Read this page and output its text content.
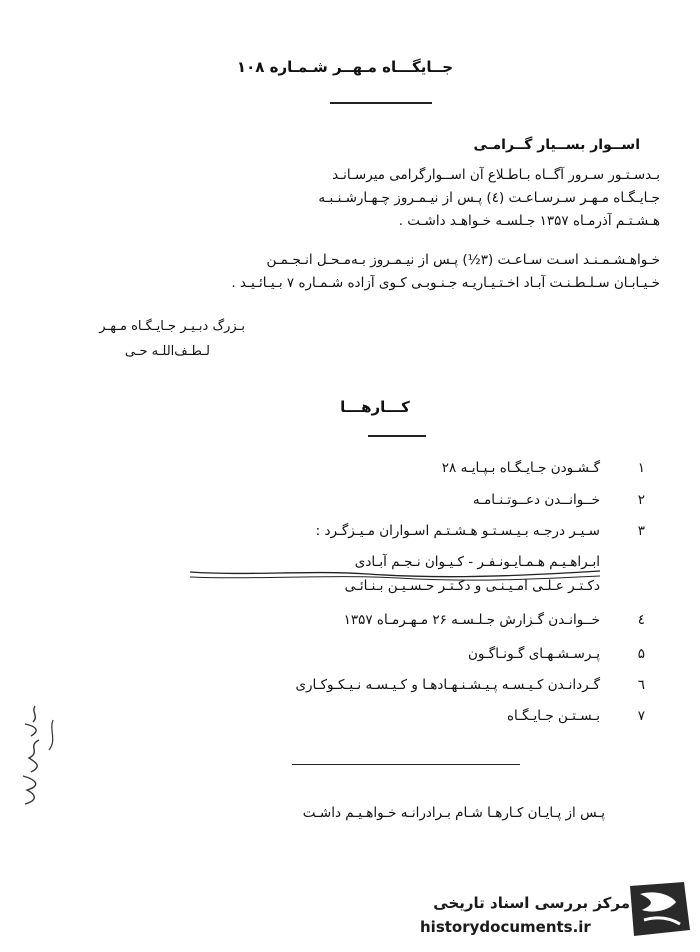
جــایگـــاه مـهــر شـمـاره ۱۰۸
اســوار بســیار گــرامـی
بـدسـتـور سـرور آگــاه بـاطـلاع آن اســوارگرامی میرسـانـد
جـایـگـاه مـهـر سـرسـاعـت (٤) پـس از نیـمـروز چـهـارشـنـبـه
هـشـتـم آذرمـاه ۱۳۵۷ جـلسـه خـواهـد داشـت .
خـواهـشـمـنـد اسـت سـاعـت (۳½) پـس از نیـمـروز بـه‌مـحـل انـجـمـن
خـیـابـان سـلـطـنـت آبـاد اخـتـیـاریـه جـنـوبـی کـوی آزاده شـمـاره ۷ بـیـائـیـد .
بـزرگ دبـیـر جـایـگـاه مـهـر
لـطـف‌اللـه حـی
کـــارهـــا
۱
گـشـودن جـایـگـاه بـپـایـه ۲۸
۲
خــوانــدن دعــوتـنـامـه
۳
سـیـر درجـه بـیـسـتـو هـشـتـم اسـواران مـیـزگـرد :
٤
خــوانـدن گـزارش جـلـسـه ۲۶ مـهـرمـاه ۱۳۵۷
۵
پـرسـشـهـای گـونـاگـون
٦
گـردانـدن کـیـسـه پـیـشـنـهـادهـا و کـیـسـه نـیـکـوکـاری
۷
بـسـتـن جـایـگـاه
ابـراهـیـم هـمـایـونـفـر - کـیـوان نـجـم آبـادی
دکـتـر عـلـی امـیـنـی و دکـتـر حـسـیـن بـنـائـی
پـس از پـایـان کـارهـا شـام بـرادرانـه خـواهـیـم داشـت
مرکز بررسی اسناد تاریخی
historydocuments.ir
